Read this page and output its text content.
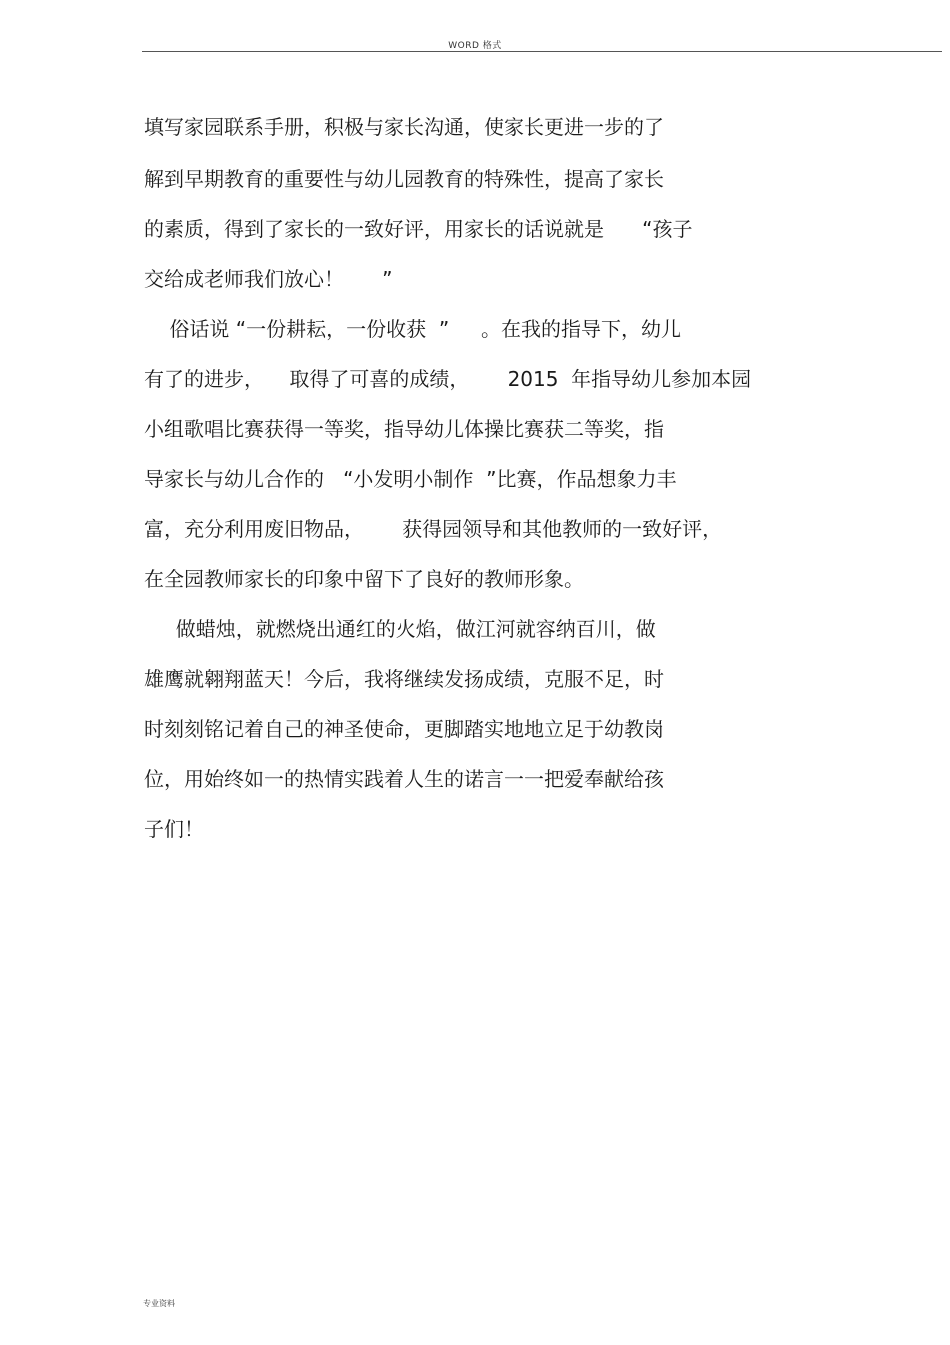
WORD 格式
填写家园联系手册，积极与家长沟通，使家长更进一步的了
解到早期教育的重要性与幼儿园教育的特殊性，提高了家长
的素质，得到了家长的一致好评，用家长的话说就是      “孩子
交给成老师我们放心！      ”
俗话说 “一份耕耘，一份收获  ”     。在我的指导下，幼儿
有了的进步，    取得了可喜的成绩，      2015  年指导幼儿参加本园
小组歌唱比赛获得一等奖，指导幼儿体操比赛获二等奖，指
导家长与幼儿合作的   “小发明小制作  ”比赛，作品想象力丰
富，充分利用废旧物品，      获得园领导和其他教师的一致好评，
在全园教师家长的印象中留下了良好的教师形象。
做蜡烛，就燃烧出通红的火焰，做江河就容纳百川，做
雄鹰就翱翔蓝天！今后，我将继续发扬成绩，克服不足，时
时刻刻铭记着自己的神圣使命，更脚踏实地地立足于幼教岗
位，用始终如一的热情实践着人生的诺言一一把爱奉献给孩
子们！
专业资料
